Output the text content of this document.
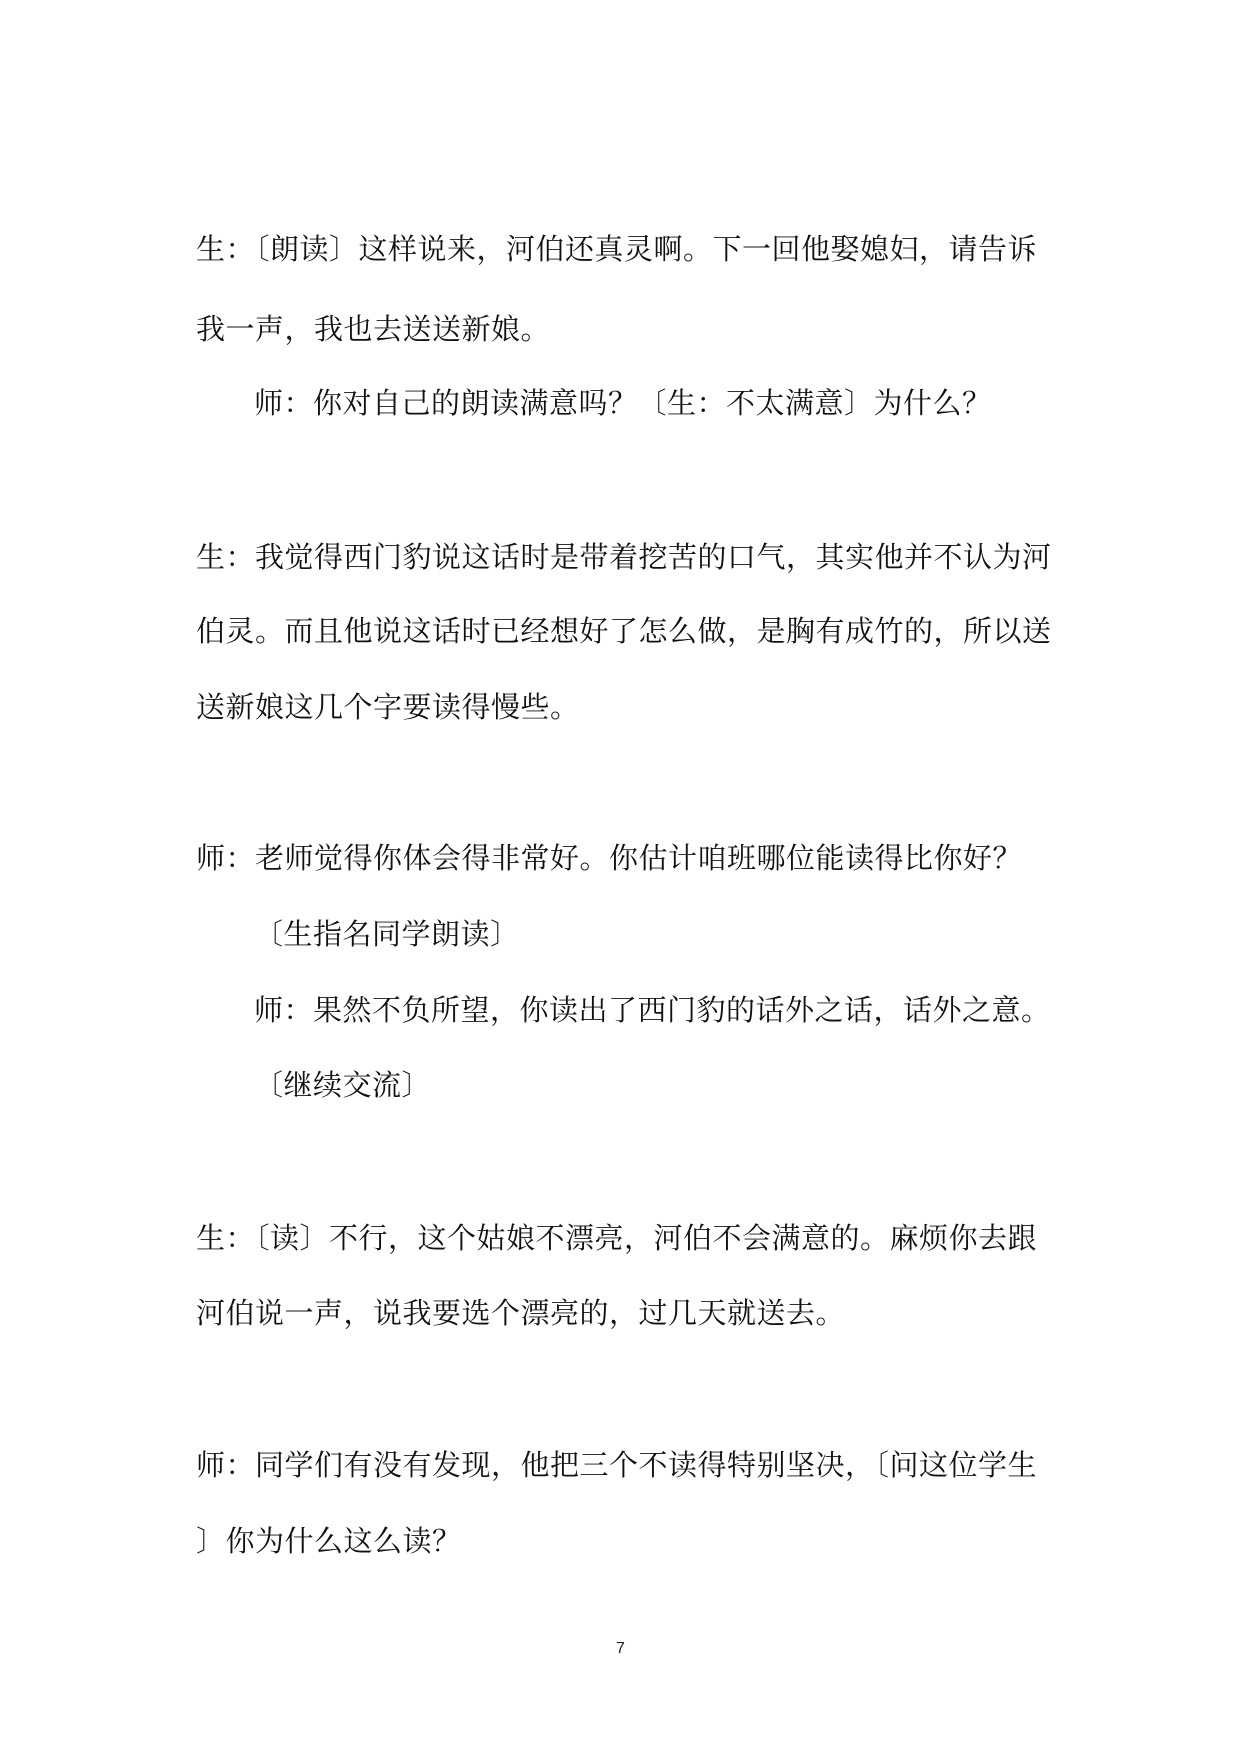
生：〔朗读〕这样说来，河伯还真灵啊。下一回他娶媳妇，请告诉
我一声，我也去送送新娘。
师：你对自己的朗读满意吗？〔生：不太满意〕为什么？
生：我觉得西门豹说这话时是带着挖苦的口气，其实他并不认为河
伯灵。而且他说这话时已经想好了怎么做，是胸有成竹的，所以送
送新娘这几个字要读得慢些。
师：老师觉得你体会得非常好。你估计咱班哪位能读得比你好？
〔生指名同学朗读〕
师：果然不负所望，你读出了西门豹的话外之话，话外之意。
〔继续交流〕
生：〔读〕不行，这个姑娘不漂亮，河伯不会满意的。麻烦你去跟
河伯说一声，说我要选个漂亮的，过几天就送去。
师：同学们有没有发现，他把三个不读得特别坚决，〔问这位学生
〕你为什么这么读？
7
